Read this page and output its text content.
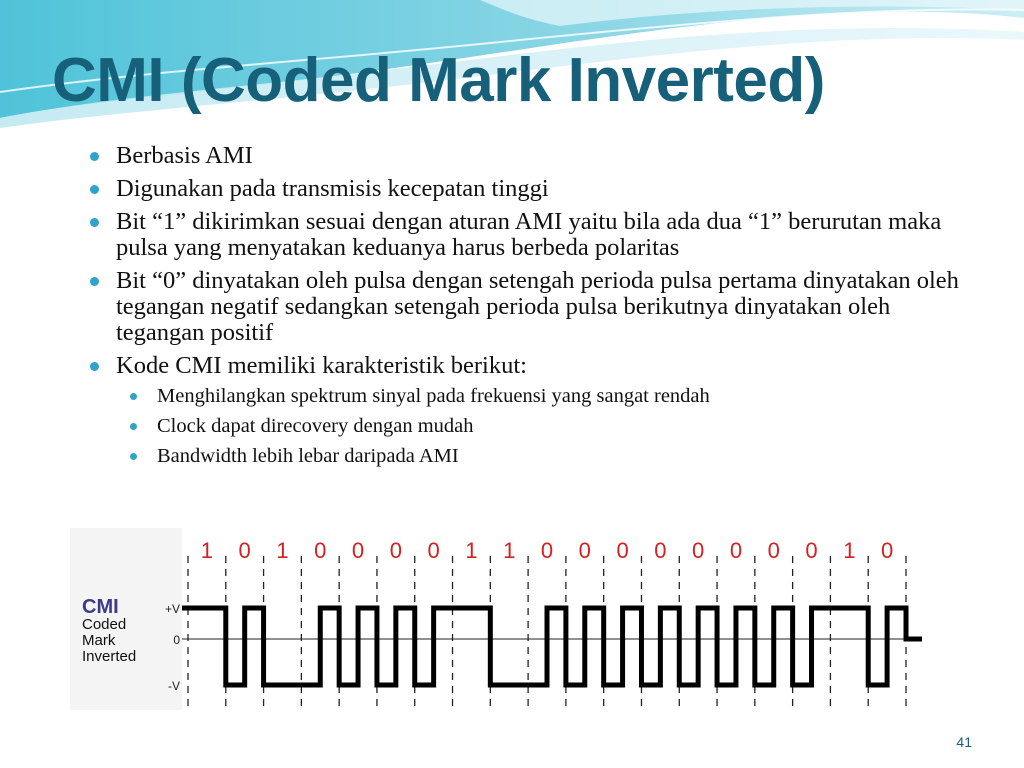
CMI (Coded Mark Inverted)
Berbasis AMI
Digunakan pada transmisis kecepatan tinggi
Bit “1” dikirimkan sesuai dengan aturan AMI yaitu bila ada dua “1” berurutan maka pulsa yang menyatakan keduanya harus berbeda polaritas
Bit “0” dinyatakan oleh pulsa dengan setengah perioda pulsa pertama dinyatakan oleh tegangan negatif sedangkan setengah perioda pulsa berikutnya dinyatakan oleh tegangan positif
Kode CMI memiliki karakteristik berikut:
Menghilangkan spektrum sinyal pada frekuensi yang sangat rendah
Clock dapat direcovery dengan mudah
Bandwidth lebih lebar daripada AMI
+V
0
-V
1 0 1 0 0 0 0 1 1 0 0 0 0 0 0 0 0 1 0
CMI
Coded
Mark
Inverted
41
